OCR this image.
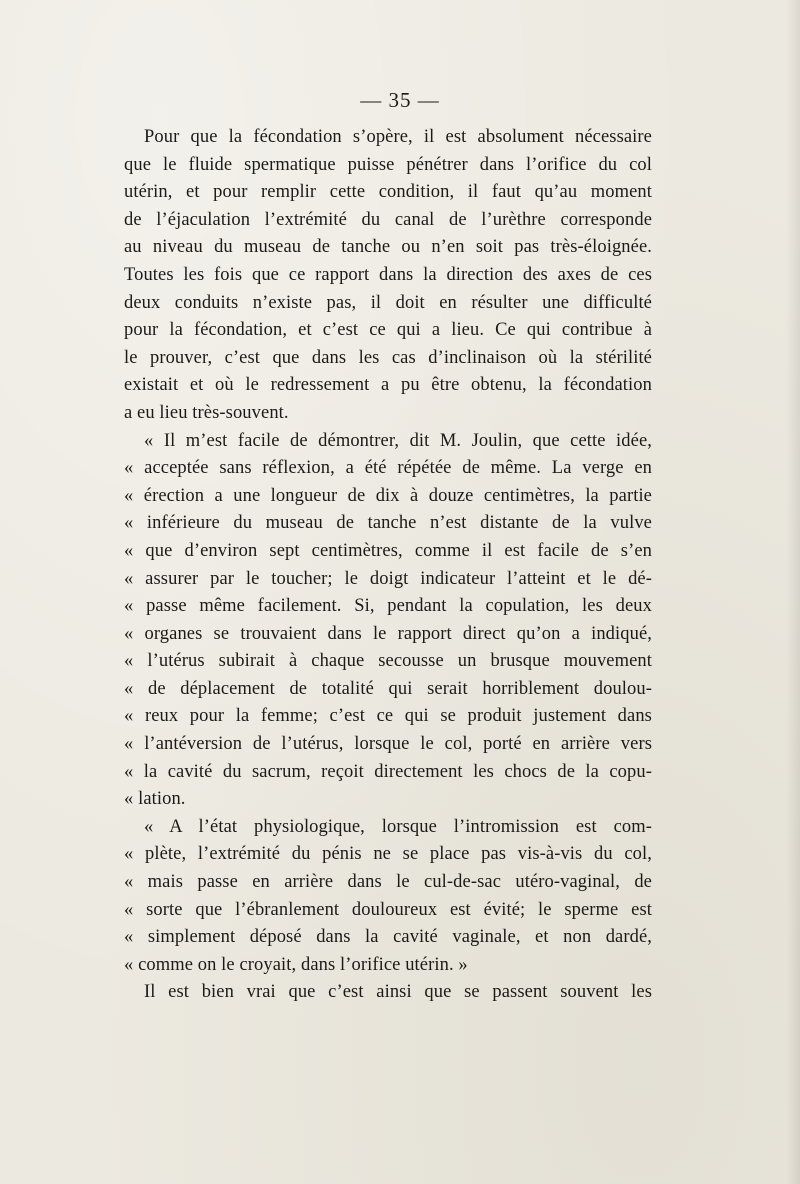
— 35 —
Pour que la fécondation s’opère, il est absolument nécessaire
que le fluide spermatique puisse pénétrer dans l’orifice du col
utérin, et pour remplir cette condition, il faut qu’au moment
de l’éjaculation l’extrémité du canal de l’urèthre corresponde
au niveau du museau de tanche ou n’en soit pas très-éloignée.
Toutes les fois que ce rapport dans la direction des axes de ces
deux conduits n’existe pas, il doit en résulter une difficulté
pour la fécondation, et c’est ce qui a lieu. Ce qui contribue à
le prouver, c’est que dans les cas d’inclinaison où la stérilité
existait et où le redressement a pu être obtenu, la fécondation
a eu lieu très-souvent.
« Il m’est facile de démontrer, dit M. Joulin, que cette idée,
« acceptée sans réflexion, a été répétée de même. La verge en
« érection a une longueur de dix à douze centimètres, la partie
« inférieure du museau de tanche n’est distante de la vulve
« que d’environ sept centimètres, comme il est facile de s’en
« assurer par le toucher; le doigt indicateur l’atteint et le dé-
« passe même facilement. Si, pendant la copulation, les deux
« organes se trouvaient dans le rapport direct qu’on a indiqué,
« l’utérus subirait à chaque secousse un brusque mouvement
« de déplacement de totalité qui serait horriblement doulou-
« reux pour la femme; c’est ce qui se produit justement dans
« l’antéversion de l’utérus, lorsque le col, porté en arrière vers
« la cavité du sacrum, reçoit directement les chocs de la copu-
« lation.
« A l’état physiologique, lorsque l’intromission est com-
« plète, l’extrémité du pénis ne se place pas vis-à-vis du col,
« mais passe en arrière dans le cul-de-sac utéro-vaginal, de
« sorte que l’ébranlement douloureux est évité; le sperme est
« simplement déposé dans la cavité vaginale, et non dardé,
« comme on le croyait, dans l’orifice utérin. »
Il est bien vrai que c’est ainsi que se passent souvent les
